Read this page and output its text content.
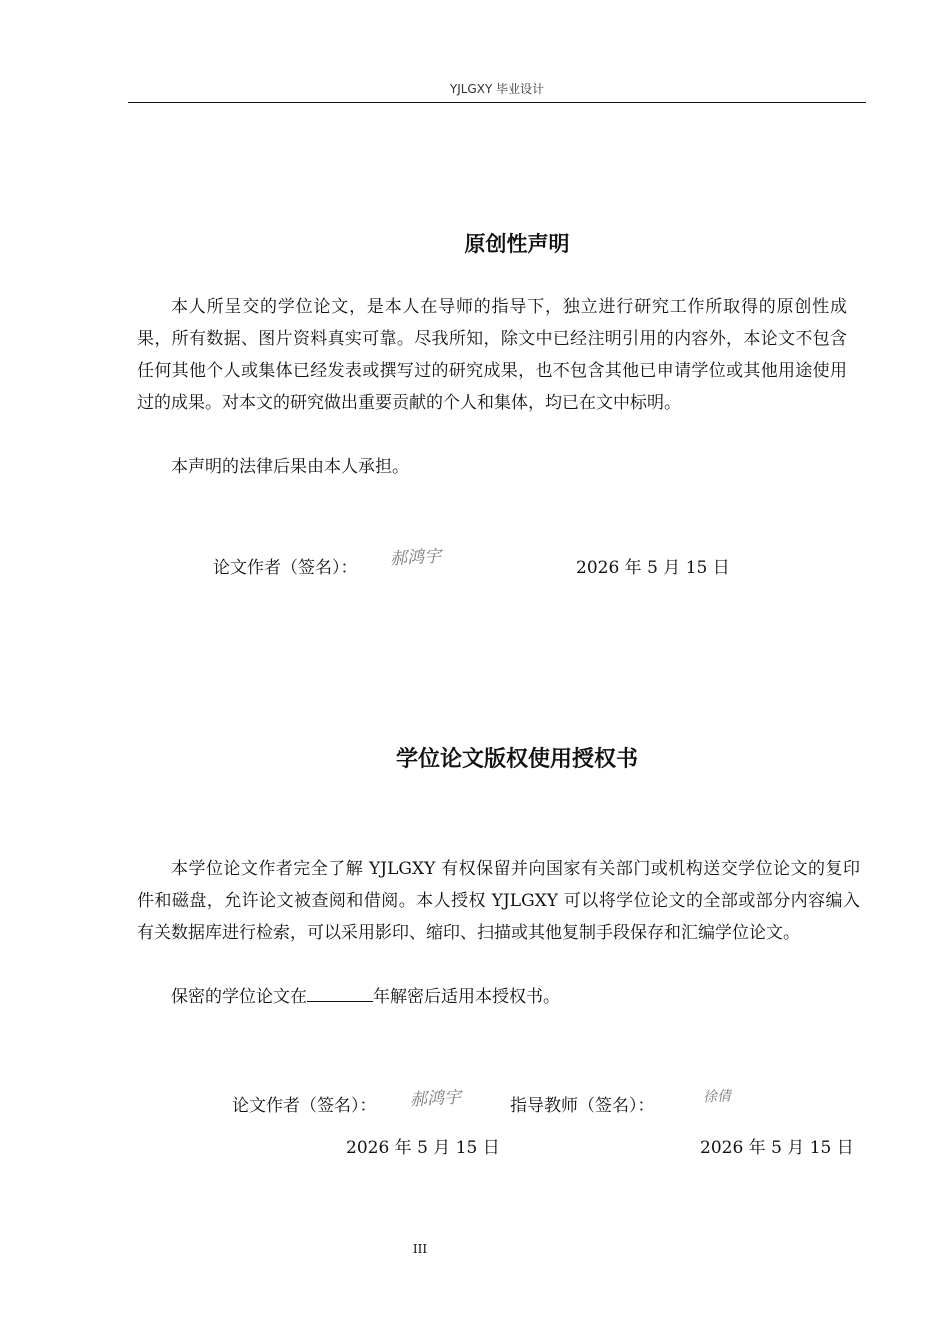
YJLGXY 毕业设计
原创性声明

本人所呈交的学位论文，是本人在导师的指导下，独立进行研究工作所取得的原创性成果，所有数据、图片资料真实可靠。尽我所知，除文中已经注明引用的内容外，本论文不包含任何其他个人或集体已经发表或撰写过的研究成果，也不包含其他已申请学位或其他用途使用过的成果。对本文的研究做出重要贡献的个人和集体，均已在文中标明。

本声明的法律后果由本人承担。

论文作者（签名）： 郝鸿宇	2026 年 5 月 15 日
学位论文版权使用授权书

本学位论文作者完全了解 YJLGXY 有权保留并向国家有关部门或机构送交学位论文的复印件和磁盘，允许论文被查阅和借阅。本人授权 YJLGXY 可以将学位论文的全部或部分内容编入有关数据库进行检索，可以采用影印、缩印、扫描或其他复制手段保存和汇编学位论文。

保密的学位论文在	年解密后适用本授权书。

论文作者（签名）： 郝鸿宇	指导教师（签名）：	徐倩
2026 年 5 月 15 日	2026 年 5 月 15 日
III
